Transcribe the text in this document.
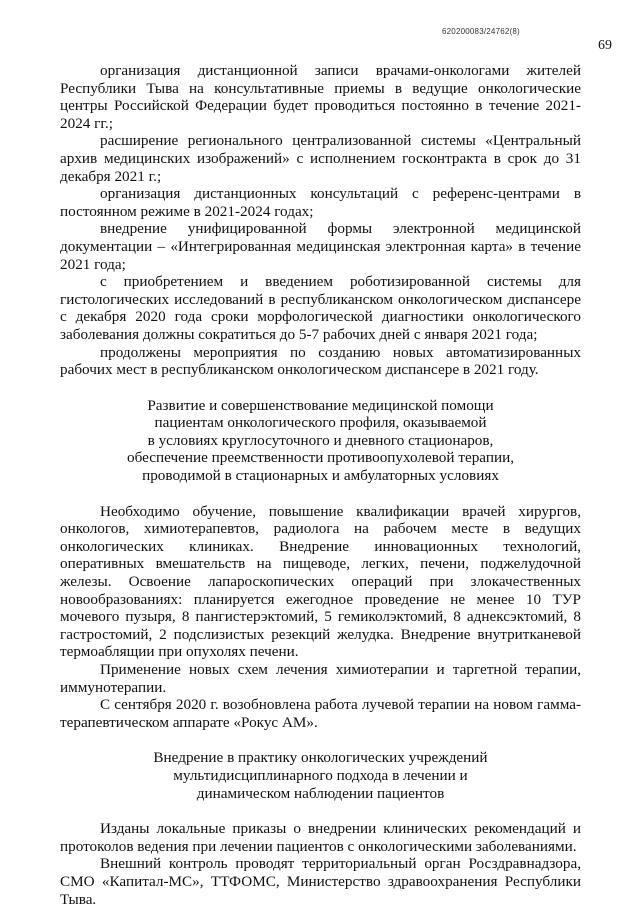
620200083/24762(8)
69

организация дистанционной записи врачами-онкологами жителей Республики Тыва на консультативные приемы в ведущие онкологические центры Российской Федерации будет проводиться постоянно в течение 2021-2024 гг.;

расширение регионального централизованной системы «Центральный архив медицинских изображений» с исполнением госконтракта в срок до 31 декабря 2021 г.;

организация дистанционных консультаций с референс-центрами в постоянном режиме в 2021-2024 годах;

внедрение унифицированной формы электронной медицинской документации – «Интегрированная медицинская электронная карта» в течение 2021 года;

с приобретением и введением роботизированной системы для гистологических исследований в республиканском онкологическом диспансере с декабря 2020 года сроки морфологической диагностики онкологического заболевания должны сократиться до 5-7 рабочих дней с января 2021 года;

продолжены мероприятия по созданию новых автоматизированных рабочих мест в республиканском онкологическом диспансере в 2021 году.

Развитие и совершенствование медицинской помощи
пациентам онкологического профиля, оказываемой
в условиях круглосуточного и дневного стационаров,
обеспечение преемственности противоопухолевой терапии,
проводимой в стационарных и амбулаторных условиях

Необходимо обучение, повышение квалификации врачей хирургов, онкологов, химиотерапевтов, радиолога на рабочем месте в ведущих онкологических клиниках. Внедрение инновационных технологий, оперативных вмешательств на пищеводе, легких, печени, поджелудочной железы. Освоение лапароскопических операций при злокачественных новообразованиях: планируется ежегодное проведение не менее 10 ТУР мочевого пузыря, 8 пангистерэктомий, 5 гемиколэктомий, 8 аднексэктомий, 8 гастростомий, 2 подслизистых резекций желудка. Внедрение внутритканевой термоаблящии при опухолях печени.

Применение новых схем лечения химиотерапии и таргетной терапии, иммунотерапии.

С сентября 2020 г. возобновлена работа лучевой терапии на новом гамма-терапевтическом аппарате «Рокус АМ».

Внедрение в практику онкологических учреждений
мультидисциплинарного подхода в лечении и
динамическом наблюдении пациентов

Изданы локальные приказы о внедрении клинических рекомендаций и протоколов ведения при лечении пациентов с онкологическими заболеваниями.

Внешний контроль проводят территориальный орган Росздравнадзора, СМО «Капитал-МС», ТТФОМС, Министерство здравоохранения Республики Тыва.
